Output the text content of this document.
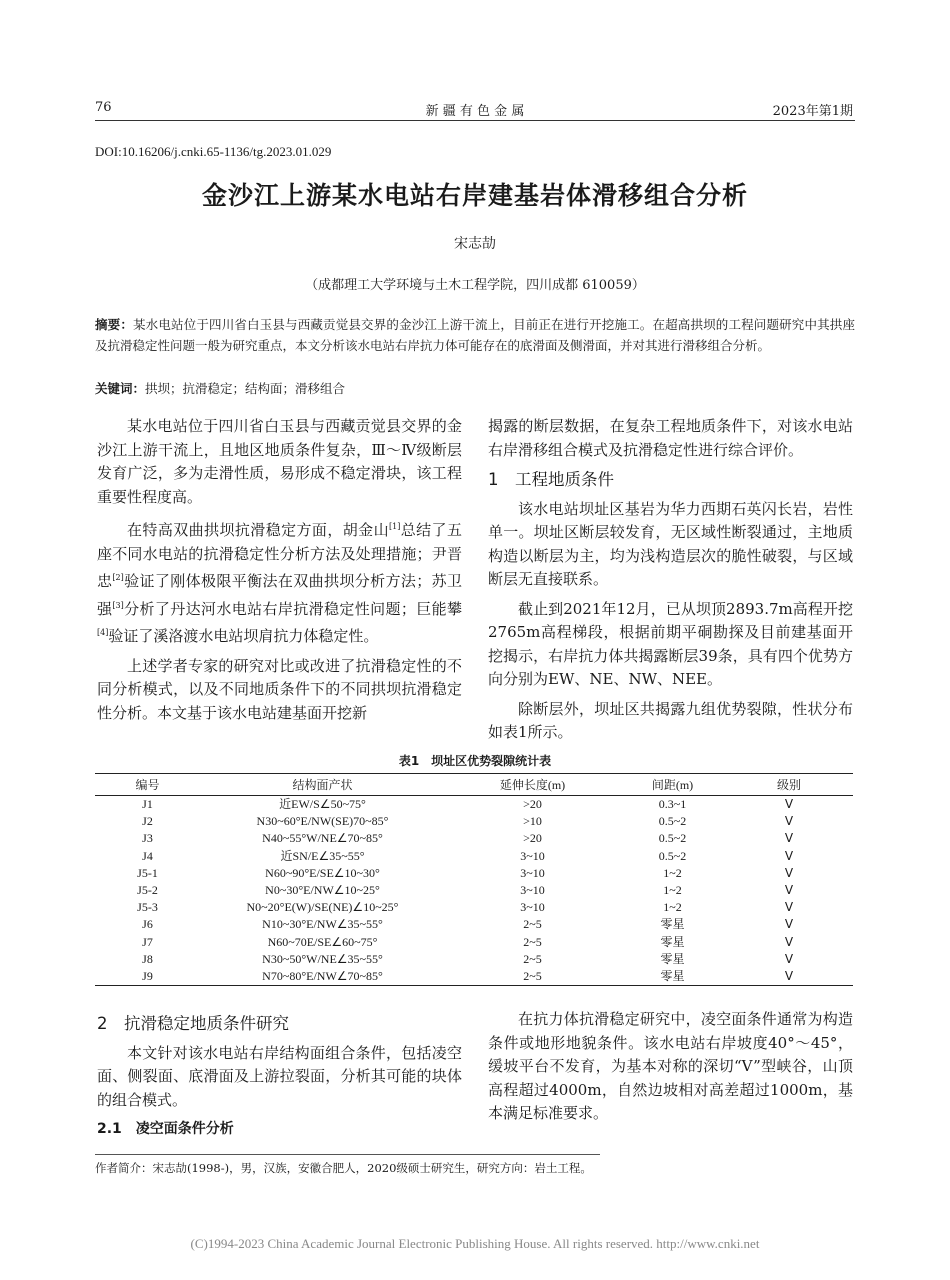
76	新 疆 有 色 金 属	2023年第1期
DOI:10.16206/j.cnki.65-1136/tg.2023.01.029
金沙江上游某水电站右岸建基岩体滑移组合分析
宋志劼
（成都理工大学环境与土木工程学院，四川成都 610059）
摘要：某水电站位于四川省白玉县与西藏贡觉县交界的金沙江上游干流上，目前正在进行开挖施工。在超高拱坝的工程问题研究中其拱座及抗滑稳定性问题一般为研究重点，本文分析该水电站右岸抗力体可能存在的底滑面及侧滑面，并对其进行滑移组合分析。
关键词：拱坝；抗滑稳定；结构面；滑移组合

某水电站位于四川省白玉县与西藏贡觉县交界的金沙江上游干流上，且地区地质条件复杂，Ⅲ～Ⅳ级断层发育广泛，多为走滑性质，易形成不稳定滑块，该工程重要性程度高。

在特高双曲拱坝抗滑稳定方面，胡金山[1]总结了五座不同水电站的抗滑稳定性分析方法及处理措施；尹晋忠[2]验证了刚体极限平衡法在双曲拱坝分析方法；苏卫强[3]分析了丹达河水电站右岸抗滑稳定性问题；巨能攀[4]验证了溪洛渡水电站坝肩抗力体稳定性。

上述学者专家的研究对比或改进了抗滑稳定性的不同分析模式，以及不同地质条件下的不同拱坝抗滑稳定性分析。本文基于该水电站建基面开挖新

揭露的断层数据，在复杂工程地质条件下，对该水电站右岸滑移组合模式及抗滑稳定性进行综合评价。

1　工程地质条件

该水电站坝址区基岩为华力西期石英闪长岩，岩性单一。坝址区断层较发育，无区域性断裂通过，主地质构造以断层为主，均为浅构造层次的脆性破裂，与区域断层无直接联系。

截止到2021年12月，已从坝顶2893.7m高程开挖2765m高程梯段，根据前期平硐勘探及目前建基面开挖揭示，右岸抗力体共揭露断层39条，具有四个优势方向分别为EW、NE、NW、NEE。

除断层外，坝址区共揭露九组优势裂隙，性状分布如表1所示。

表1　坝址区优势裂隙统计表
编号	结构面产状	延伸长度(m)	间距(m)	级别
J1	近EW/S∠50~75°	>20	0.3~1	Ⅴ
J2	N30~60°E/NW(SE)70~85°	>10	0.5~2	Ⅴ
J3	N40~55°W/NE∠70~85°	>20	0.5~2	Ⅴ
J4	近SN/E∠35~55°	3~10	0.5~2	Ⅴ
J5-1	N60~90°E/SE∠10~30°	3~10	1~2	Ⅴ
J5-2	N0~30°E/NW∠10~25°	3~10	1~2	Ⅴ
J5-3	N0~20°E(W)/SE(NE)∠10~25°	3~10	1~2	Ⅴ
J6	N10~30°E/NW∠35~55°	2~5	零星	Ⅴ
J7	N60~70E/SE∠60~75°	2~5	零星	Ⅴ
J8	N30~50°W/NE∠35~55°	2~5	零星	Ⅴ
J9	N70~80°E/NW∠70~85°	2~5	零星	Ⅴ

2　抗滑稳定地质条件研究

本文针对该水电站右岸结构面组合条件，包括凌空面、侧裂面、底滑面及上游拉裂面，分析其可能的块体的组合模式。

2.1　凌空面条件分析

在抗力体抗滑稳定研究中，凌空面条件通常为构造条件或地形地貌条件。该水电站右岸坡度40°～45°，缓坡平台不发育，为基本对称的深切“V”型峡谷，山顶高程超过4000m，自然边坡相对高差超过1000m，基本满足标准要求。

作者简介：宋志劼(1998-)，男，汉族，安徽合肥人，2020级硕士研究生，研究方向：岩土工程。
(C)1994-2023 China Academic Journal Electronic Publishing House. All rights reserved. http://www.cnki.net
